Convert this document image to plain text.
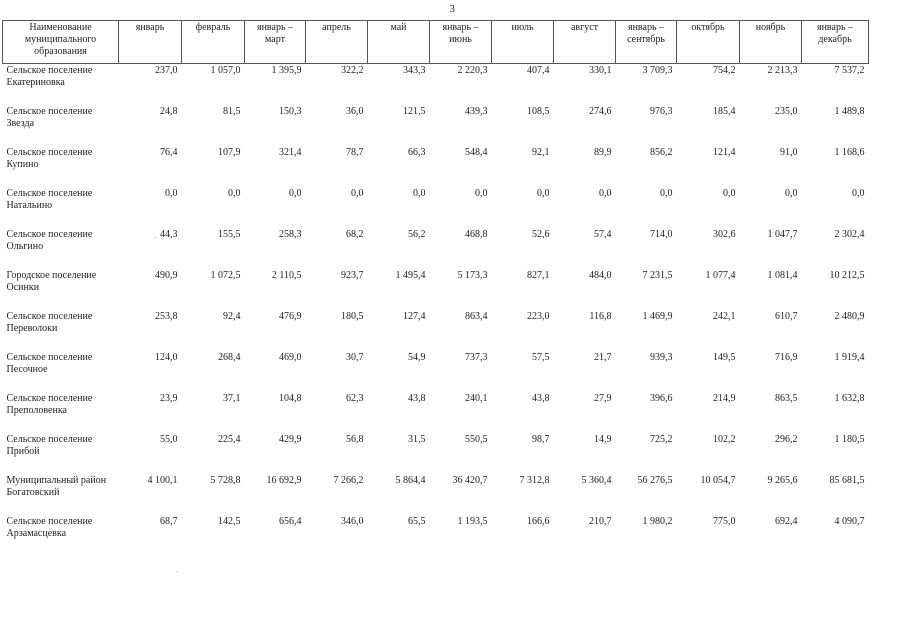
3
Наименование муниципального образования	январь	февраль	январь – март	апрель	май	январь – июнь	июль	август	январь – сентябрь	октябрь	ноябрь	январь – декабрь
Сельское поселение Екатериновка	237,0	1 057,0	1 395,9	322,2	343,3	2 220,3	407,4	330,1	3 709,3	754,2	2 213,3	7 537,2
Сельское поселение Звезда	24,8	81,5	150,3	36,0	121,5	439,3	108,5	274,6	976,3	185,4	235,0	1 489,8
Сельское поселение Купино	76,4	107,9	321,4	78,7	66,3	548,4	92,1	89,9	856,2	121,4	91,0	1 168,6
Сельское поселение Натальино	0,0	0,0	0,0	0,0	0,0	0,0	0,0	0,0	0,0	0,0	0,0	0,0
Сельское поселение Ольгино	44,3	155,5	258,3	68,2	56,2	468,8	52,6	57,4	714,0	302,6	1 047,7	2 302,4
Городское поселение Осинки	490,9	1 072,5	2 110,5	923,7	1 495,4	5 173,3	827,1	484,0	7 231,5	1 077,4	1 081,4	10 212,5
Сельское поселение Переволоки	253,8	92,4	476,9	180,5	127,4	863,4	223,0	116,8	1 469,9	242,1	610,7	2 480,9
Сельское поселение Песочное	124,0	268,4	469,0	30,7	54,9	737,3	57,5	21,7	939,3	149,5	716,9	1 919,4
Сельское поселение Преполовенка	23,9	37,1	104,8	62,3	43,8	240,1	43,8	27,9	396,6	214,9	863,5	1 632,8
Сельское поселение Прибой	55,0	225,4	429,9	56,8	31,5	550,5	98,7	14,9	725,2	102,2	296,2	1 180,5
Муниципальный район Богатовский	4 100,1	5 728,8	16 692,9	7 266,2	5 864,4	36 420,7	7 312,8	5 360,4	56 276,5	10 054,7	9 265,6	85 681,5
Сельское поселение Арзамасцевка	68,7	142,5	656,4	346,0	65,5	1 193,5	166,6	210,7	1 980,2	775,0	692,4	4 090,7
·
·
